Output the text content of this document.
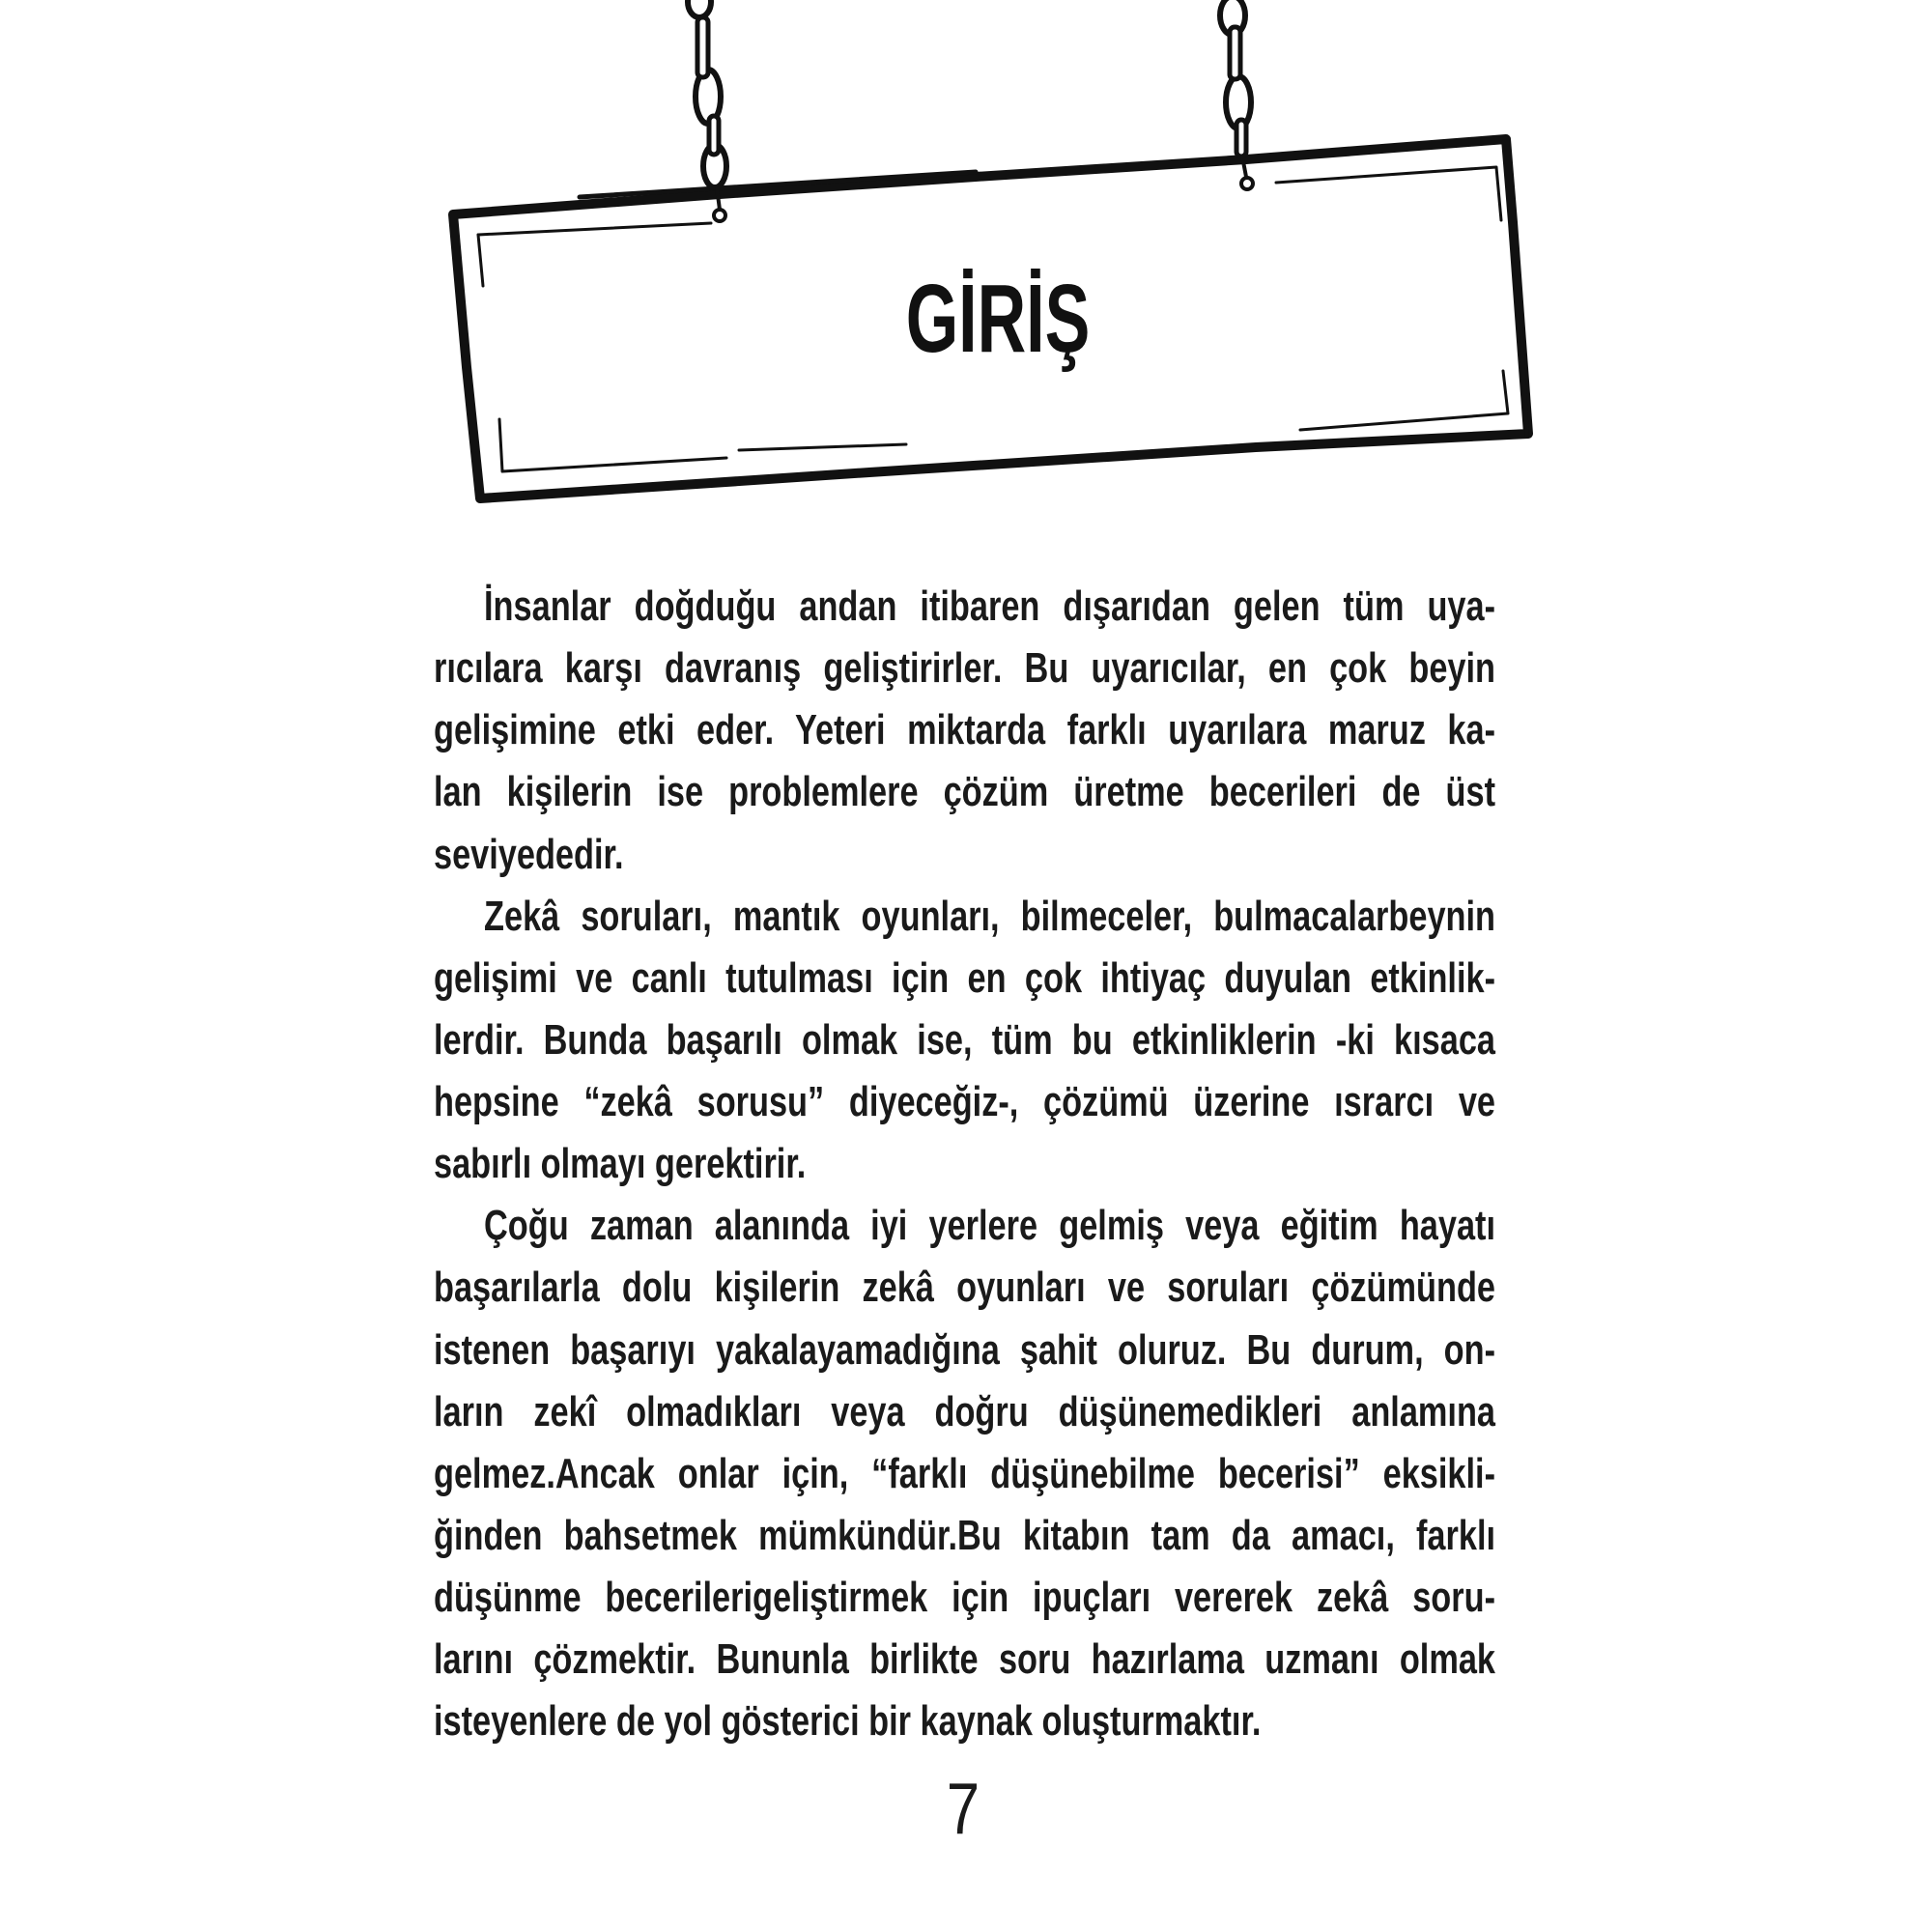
GİRİŞ
İnsanlar doğduğu andan itibaren dışarıdan gelen tüm uya-
rıcılara karşı davranış geliştirirler. Bu uyarıcılar, en çok beyin
gelişimine etki eder. Yeteri miktarda farklı uyarılara maruz ka-
lan kişilerin ise problemlere çözüm üretme becerileri de üst
seviyededir.
Zekâ soruları, mantık oyunları, bilmeceler, bulmacalarbeynin
gelişimi ve canlı tutulması için en çok ihtiyaç duyulan etkinlik-
lerdir. Bunda başarılı olmak ise, tüm bu etkinliklerin -ki kısaca
hepsine “zekâ sorusu” diyeceğiz-, çözümü üzerine ısrarcı ve
sabırlı olmayı gerektirir.
Çoğu zaman alanında iyi yerlere gelmiş veya eğitim hayatı
başarılarla dolu kişilerin zekâ oyunları ve soruları çözümünde
istenen başarıyı yakalayamadığına şahit oluruz. Bu durum, on-
ların zekî olmadıkları veya doğru düşünemedikleri anlamına
gelmez.Ancak onlar için, “farklı düşünebilme becerisi” eksikli-
ğinden bahsetmek mümkündür.Bu kitabın tam da amacı, farklı
düşünme becerilerigeliştirmek için ipuçları vererek zekâ soru-
larını çözmektir. Bununla birlikte soru hazırlama uzmanı olmak
isteyenlere de yol gösterici bir kaynak oluşturmaktır.
7
